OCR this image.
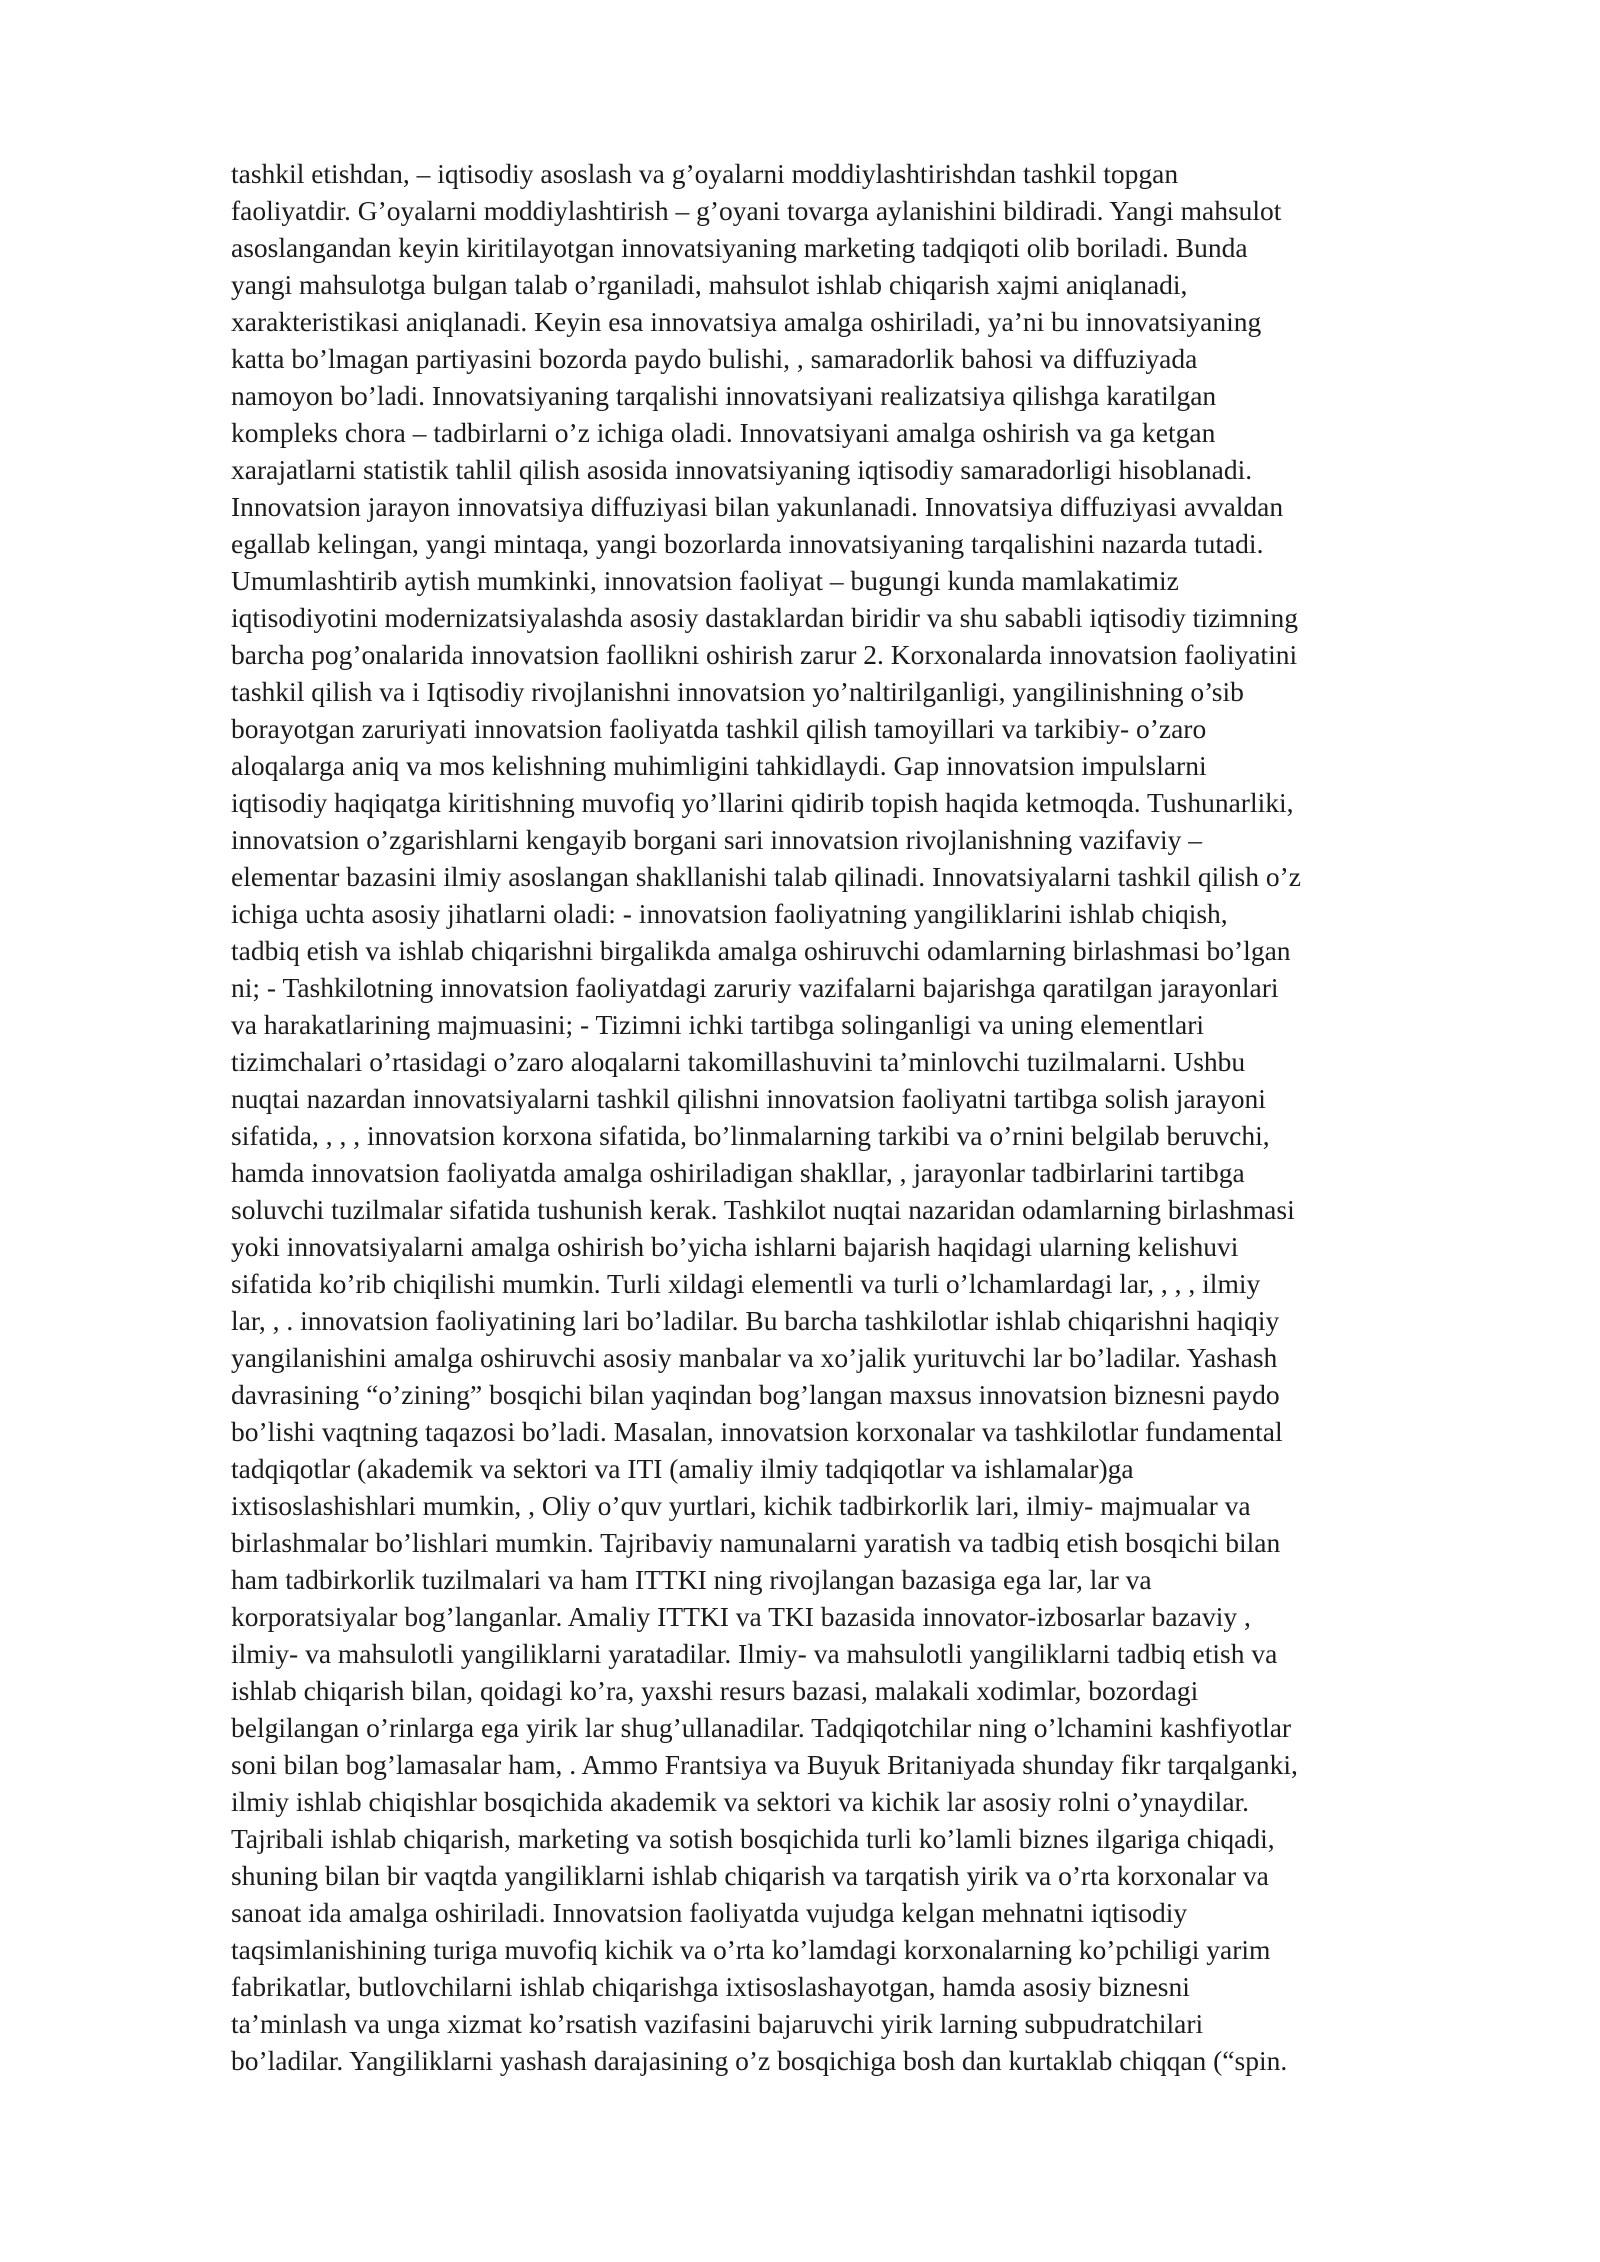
tashkil etishdan, – iqtisodiy asoslash va g’oyalarni moddiylashtirishdan tashkil topgan
faoliyatdir. G’oyalarni moddiylashtirish – g’oyani tovarga aylanishini bildiradi. Yangi mahsulot
asoslangandan keyin kiritilayotgan innovatsiyaning marketing tadqiqoti olib boriladi. Bunda
yangi mahsulotga bulgan talab o’rganiladi, mahsulot ishlab chiqarish xajmi aniqlanadi,
xarakteristikasi aniqlanadi. Keyin esa innovatsiya amalga oshiriladi, ya’ni bu innovatsiyaning
katta bo’lmagan partiyasini bozorda paydo bulishi, , samaradorlik bahosi va diffuziyada
namoyon bo’ladi. Innovatsiyaning tarqalishi innovatsiyani realizatsiya qilishga karatilgan
kompleks chora – tadbirlarni o’z ichiga oladi. Innovatsiyani amalga oshirish va ga ketgan
xarajatlarni statistik tahlil qilish asosida innovatsiyaning iqtisodiy samaradorligi hisoblanadi.
Innovatsion jarayon innovatsiya diffuziyasi bilan yakunlanadi. Innovatsiya diffuziyasi avvaldan
egallab kelingan, yangi mintaqa, yangi bozorlarda innovatsiyaning tarqalishini nazarda tutadi.
Umumlashtirib aytish mumkinki, innovatsion faoliyat – bugungi kunda mamlakatimiz
iqtisodiyotini modernizatsiyalashda asosiy dastaklardan biridir va shu sababli iqtisodiy tizimning
barcha pog’onalarida innovatsion faollikni oshirish zarur 2. Korxonalarda innovatsion faoliyatini
tashkil qilish va i Iqtisodiy rivojlanishni innovatsion yo’naltirilganligi, yangilinishning o’sib
borayotgan zaruriyati innovatsion faoliyatda tashkil qilish tamoyillari va tarkibiy- o’zaro
aloqalarga aniq va mos kelishning muhimligini tahkidlaydi. Gap innovatsion impulslarni
iqtisodiy haqiqatga kiritishning muvofiq yo’llarini qidirib topish haqida ketmoqda. Tushunarliki,
innovatsion o’zgarishlarni kengayib borgani sari innovatsion rivojlanishning vazifaviy –
elementar bazasini ilmiy asoslangan shakllanishi talab qilinadi. Innovatsiyalarni tashkil qilish o’z
ichiga uchta asosiy jihatlarni oladi: - innovatsion faoliyatning yangiliklarini ishlab chiqish,
tadbiq etish va ishlab chiqarishni birgalikda amalga oshiruvchi odamlarning birlashmasi bo’lgan
ni; - Tashkilotning innovatsion faoliyatdagi zaruriy vazifalarni bajarishga qaratilgan jarayonlari
va harakatlarining majmuasini; - Tizimni ichki tartibga solinganligi va uning elementlari
tizimchalari o’rtasidagi o’zaro aloqalarni takomillashuvini ta’minlovchi tuzilmalarni. Ushbu
nuqtai nazardan innovatsiyalarni tashkil qilishni innovatsion faoliyatni tartibga solish jarayoni
sifatida, , , , innovatsion korxona sifatida, bo’linmalarning tarkibi va o’rnini belgilab beruvchi,
hamda innovatsion faoliyatda amalga oshiriladigan shakllar, , jarayonlar tadbirlarini tartibga
soluvchi tuzilmalar sifatida tushunish kerak. Tashkilot nuqtai nazaridan odamlarning birlashmasi
yoki innovatsiyalarni amalga oshirish bo’yicha ishlarni bajarish haqidagi ularning kelishuvi
sifatida ko’rib chiqilishi mumkin. Turli xildagi elementli va turli o’lchamlardagi lar, , , , ilmiy
lar, , . innovatsion faoliyatining lari bo’ladilar. Bu barcha tashkilotlar ishlab chiqarishni haqiqiy
yangilanishini amalga oshiruvchi asosiy manbalar va xo’jalik yurituvchi lar bo’ladilar. Yashash
davrasining “o’zining” bosqichi bilan yaqindan bog’langan maxsus innovatsion biznesni paydo
bo’lishi vaqtning taqazosi bo’ladi. Masalan, innovatsion korxonalar va tashkilotlar fundamental
tadqiqotlar (akademik va sektori va ITI (amaliy ilmiy tadqiqotlar va ishlamalar)ga
ixtisoslashishlari mumkin, , Oliy o’quv yurtlari, kichik tadbirkorlik lari, ilmiy- majmualar va
birlashmalar bo’lishlari mumkin. Tajribaviy namunalarni yaratish va tadbiq etish bosqichi bilan
ham tadbirkorlik tuzilmalari va ham ITTKI ning rivojlangan bazasiga ega lar, lar va
korporatsiyalar bog’langanlar. Amaliy ITTKI va TKI bazasida innovator-izbosarlar bazaviy ,
ilmiy- va mahsulotli yangiliklarni yaratadilar. Ilmiy- va mahsulotli yangiliklarni tadbiq etish va
ishlab chiqarish bilan, qoidagi ko’ra, yaxshi resurs bazasi, malakali xodimlar, bozordagi
belgilangan o’rinlarga ega yirik lar shug’ullanadilar. Tadqiqotchilar ning o’lchamini kashfiyotlar
soni bilan bog’lamasalar ham, . Ammo Frantsiya va Buyuk Britaniyada shunday fikr tarqalganki,
ilmiy ishlab chiqishlar bosqichida akademik va sektori va kichik lar asosiy rolni o’ynaydilar.
Tajribali ishlab chiqarish, marketing va sotish bosqichida turli ko’lamli biznes ilgariga chiqadi,
shuning bilan bir vaqtda yangiliklarni ishlab chiqarish va tarqatish yirik va o’rta korxonalar va
sanoat ida amalga oshiriladi. Innovatsion faoliyatda vujudga kelgan mehnatni iqtisodiy
taqsimlanishining turiga muvofiq kichik va o’rta ko’lamdagi korxonalarning ko’pchiligi yarim
fabrikatlar, butlovchilarni ishlab chiqarishga ixtisoslashayotgan, hamda asosiy biznesni
ta’minlash va unga xizmat ko’rsatish vazifasini bajaruvchi yirik larning subpudratchilari
bo’ladilar. Yangiliklarni yashash darajasining o’z bosqichiga bosh dan kurtaklab chiqqan (“spin.
